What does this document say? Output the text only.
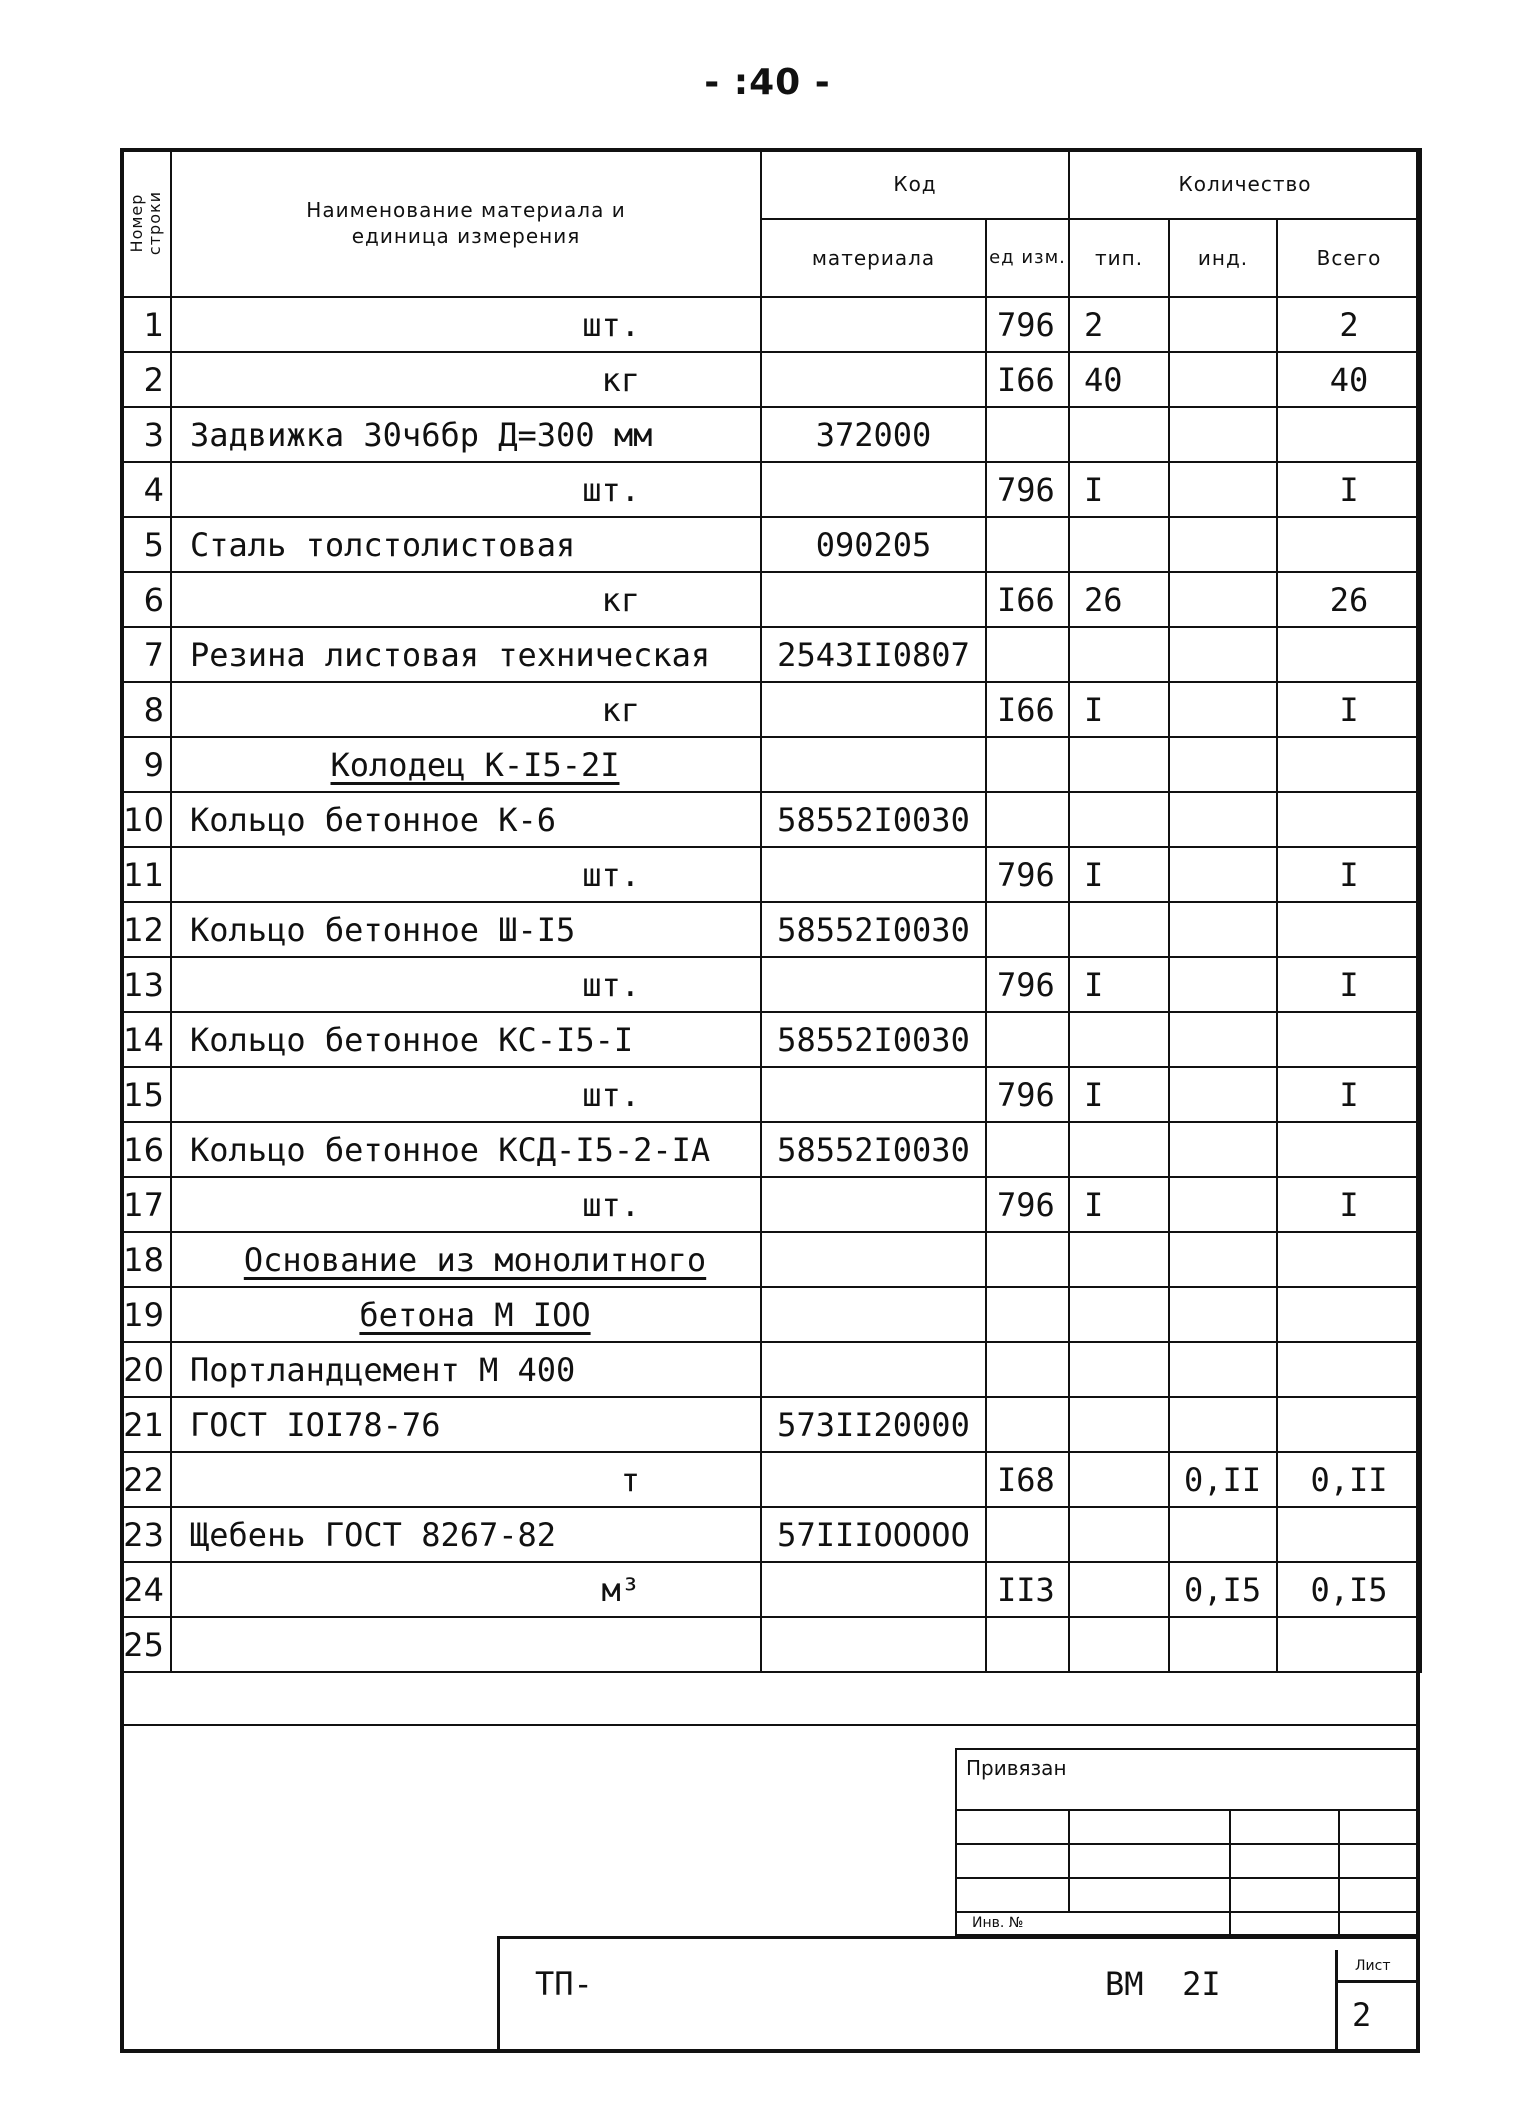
- :40 -
Номер строки	Наименование материала и единица измерения	Код		Количество		
		материала	ед изм.	тип.	инд.	Всего
1	шт.		796	2		2
2	кг		I66	40		40
3	Задвижка 30ч6бр Д=300 мм	372000				
4	шт.		796	I		I
5	Сталь толстолистовая	090205				
6	кг		I66	26		26
7	Резина листовая техническая	2543II0807				
8	кг		I66	I		I
9	Колодец К-I5-2I					
10	Кольцо бетонное К-6	58552I0030				
11	шт.		796	I		I
12	Кольцо бетонное Ш-I5	58552I0030				
13	шт.		796	I		I
14	Кольцо бетонное КС-I5-I	58552I0030				
15	шт.		796	I		I
16	Кольцо бетонное КСД-I5-2-IА	58552I0030				
17	шт.		796	I		I
18	Основание из монолитного					
19	бетона М IОО					
20	Портландцемент М 400					
21	ГОСТ IOI78-76	573II20000				
22	т		I68		0,II	0,II
23	Щебень ГОСТ 8267-82	57IIIOOOOO				
24	м³		II3		0,I5	0,I5
25						
Привязан
Инв. №
ТП-	ВМ  2I	Лист
2
